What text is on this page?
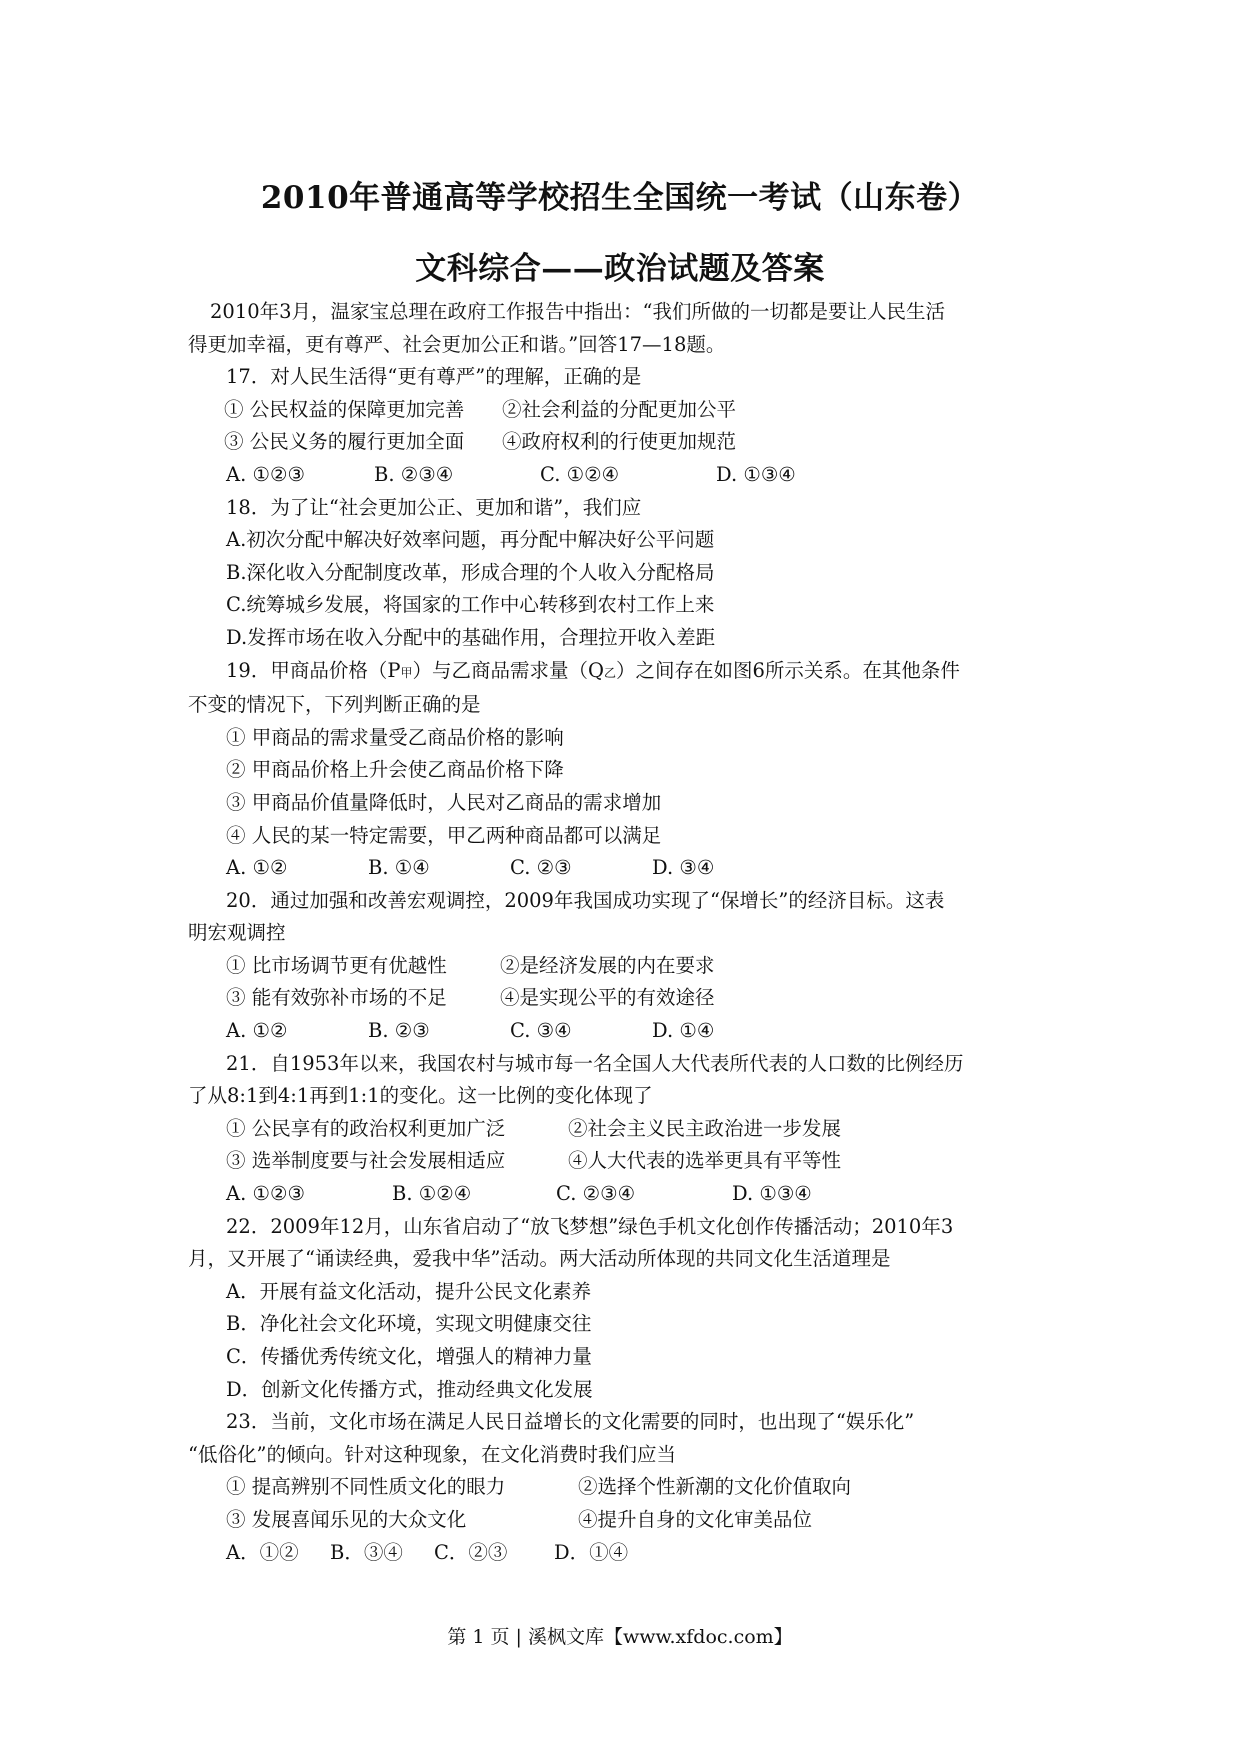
2010年普通高等学校招生全国统一考试（山东卷）
文科综合——政治试题及答案

2010年3月，温家宝总理在政府工作报告中指出：“我们所做的一切都是要让人民生活

得更加幸福，更有尊严、社会更加公正和谐。”回答17—18题。

17．对人民生活得“更有尊严”的理解，正确的是

① 公民权益的保障更加完善 ②社会利益的分配更加公平

③ 公民义务的履行更加全面 ④政府权利的行使更加规范

A. ①②③	B. ②③④	C. ①②④	D. ①③④

18．为了让“社会更加公正、更加和谐”，我们应

A.初次分配中解决好效率问题，再分配中解决好公平问题

B.深化收入分配制度改革，形成合理的个人收入分配格局

C.统筹城乡发展，将国家的工作中心转移到农村工作上来

D.发挥市场在收入分配中的基础作用，合理拉开收入差距

19．甲商品价格（P甲）与乙商品需求量（Q乙）之间存在如图6所示关系。在其他条件

不变的情况下，下列判断正确的是

① 甲商品的需求量受乙商品价格的影响

② 甲商品价格上升会使乙商品价格下降

③ 甲商品价值量降低时，人民对乙商品的需求增加

④ 人民的某一特定需要，甲乙两种商品都可以满足

A. ①②	B. ①④	C. ②③	D. ③④

20．通过加强和改善宏观调控，2009年我国成功实现了“保增长”的经济目标。这表

明宏观调控

① 比市场调节更有优越性	②是经济发展的内在要求

③ 能有效弥补市场的不足	④是实现公平的有效途径

A. ①②	B. ②③	C. ③④	D. ①④

21．自1953年以来，我国农村与城市每一名全国人大代表所代表的人口数的比例经历

了从8:1到4:1再到1:1的变化。这一比例的变化体现了

① 公民享有的政治权利更加广泛	②社会主义民主政治进一步发展

③ 选举制度要与社会发展相适应	④人大代表的选举更具有平等性

A. ①②③	B. ①②④	C. ②③④	D. ①③④

22．2009年12月，山东省启动了“放飞梦想”绿色手机文化创作传播活动；2010年3

月，又开展了“诵读经典，爱我中华”活动。两大活动所体现的共同文化生活道理是

A．开展有益文化活动，提升公民文化素养

B．净化社会文化环境，实现文明健康交往

C．传播优秀传统文化，增强人的精神力量

D．创新文化传播方式，推动经典文化发展

23．当前，文化市场在满足人民日益增长的文化需要的同时，也出现了“娱乐化”

“低俗化”的倾向。针对这种现象，在文化消费时我们应当

① 提高辨别不同性质文化的眼力	②选择个性新潮的文化价值取向

③ 发展喜闻乐见的大众文化	④提升自身的文化审美品位

A．①② B．③④ C．②③ D．①④

第 1 页 | 溪枫文库【www.xfdoc.com】
